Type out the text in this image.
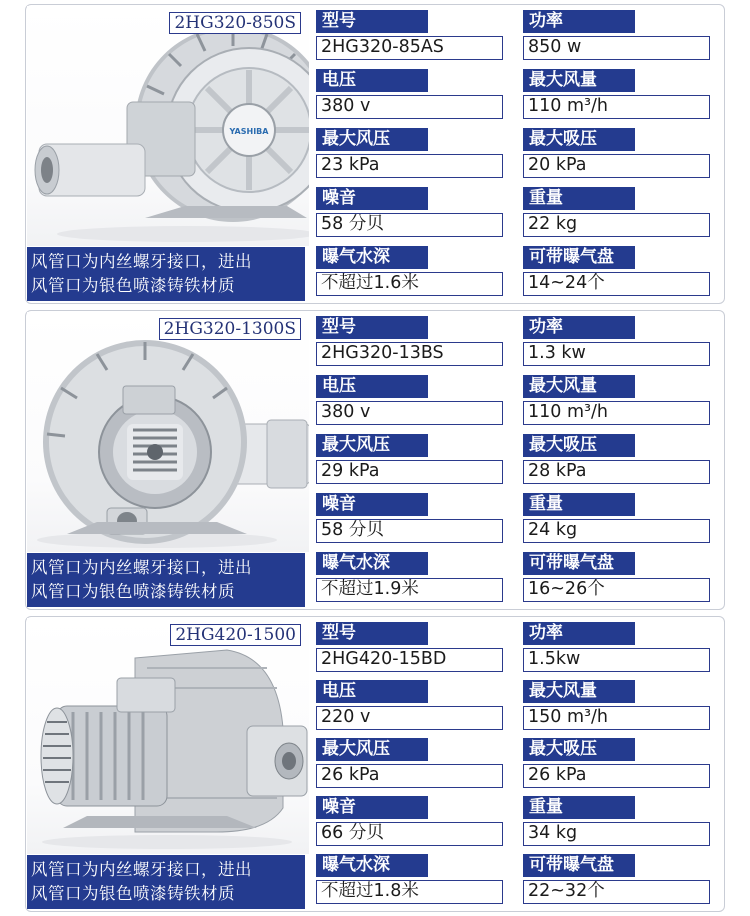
YASHIBA
2HG320-850S
风管口为内丝螺牙接口，进出
风管口为银色喷漆铸铁材质
型号
2HG320-85AS
功率
850 w
电压
380 v
最大风量
110 m³/h
最大风压
23 kPa
最大吸压
20 kPa
噪音
58 分贝
重量
22 kg
曝气水深
不超过1.6米
可带曝气盘
14~24个
2HG320-1300S
风管口为内丝螺牙接口，进出
风管口为银色喷漆铸铁材质
型号
2HG320-13BS
功率
1.3 kw
电压
380 v
最大风量
110 m³/h
最大风压
29 kPa
最大吸压
28 kPa
噪音
58 分贝
重量
24 kg
曝气水深
不超过1.9米
可带曝气盘
16~26个
2HG420-1500
风管口为内丝螺牙接口，进出
风管口为银色喷漆铸铁材质
型号
2HG420-15BD
功率
1.5kw
电压
220 v
最大风量
150 m³/h
最大风压
26 kPa
最大吸压
26 kPa
噪音
66 分贝
重量
34 kg
曝气水深
不超过1.8米
可带曝气盘
22~32个
